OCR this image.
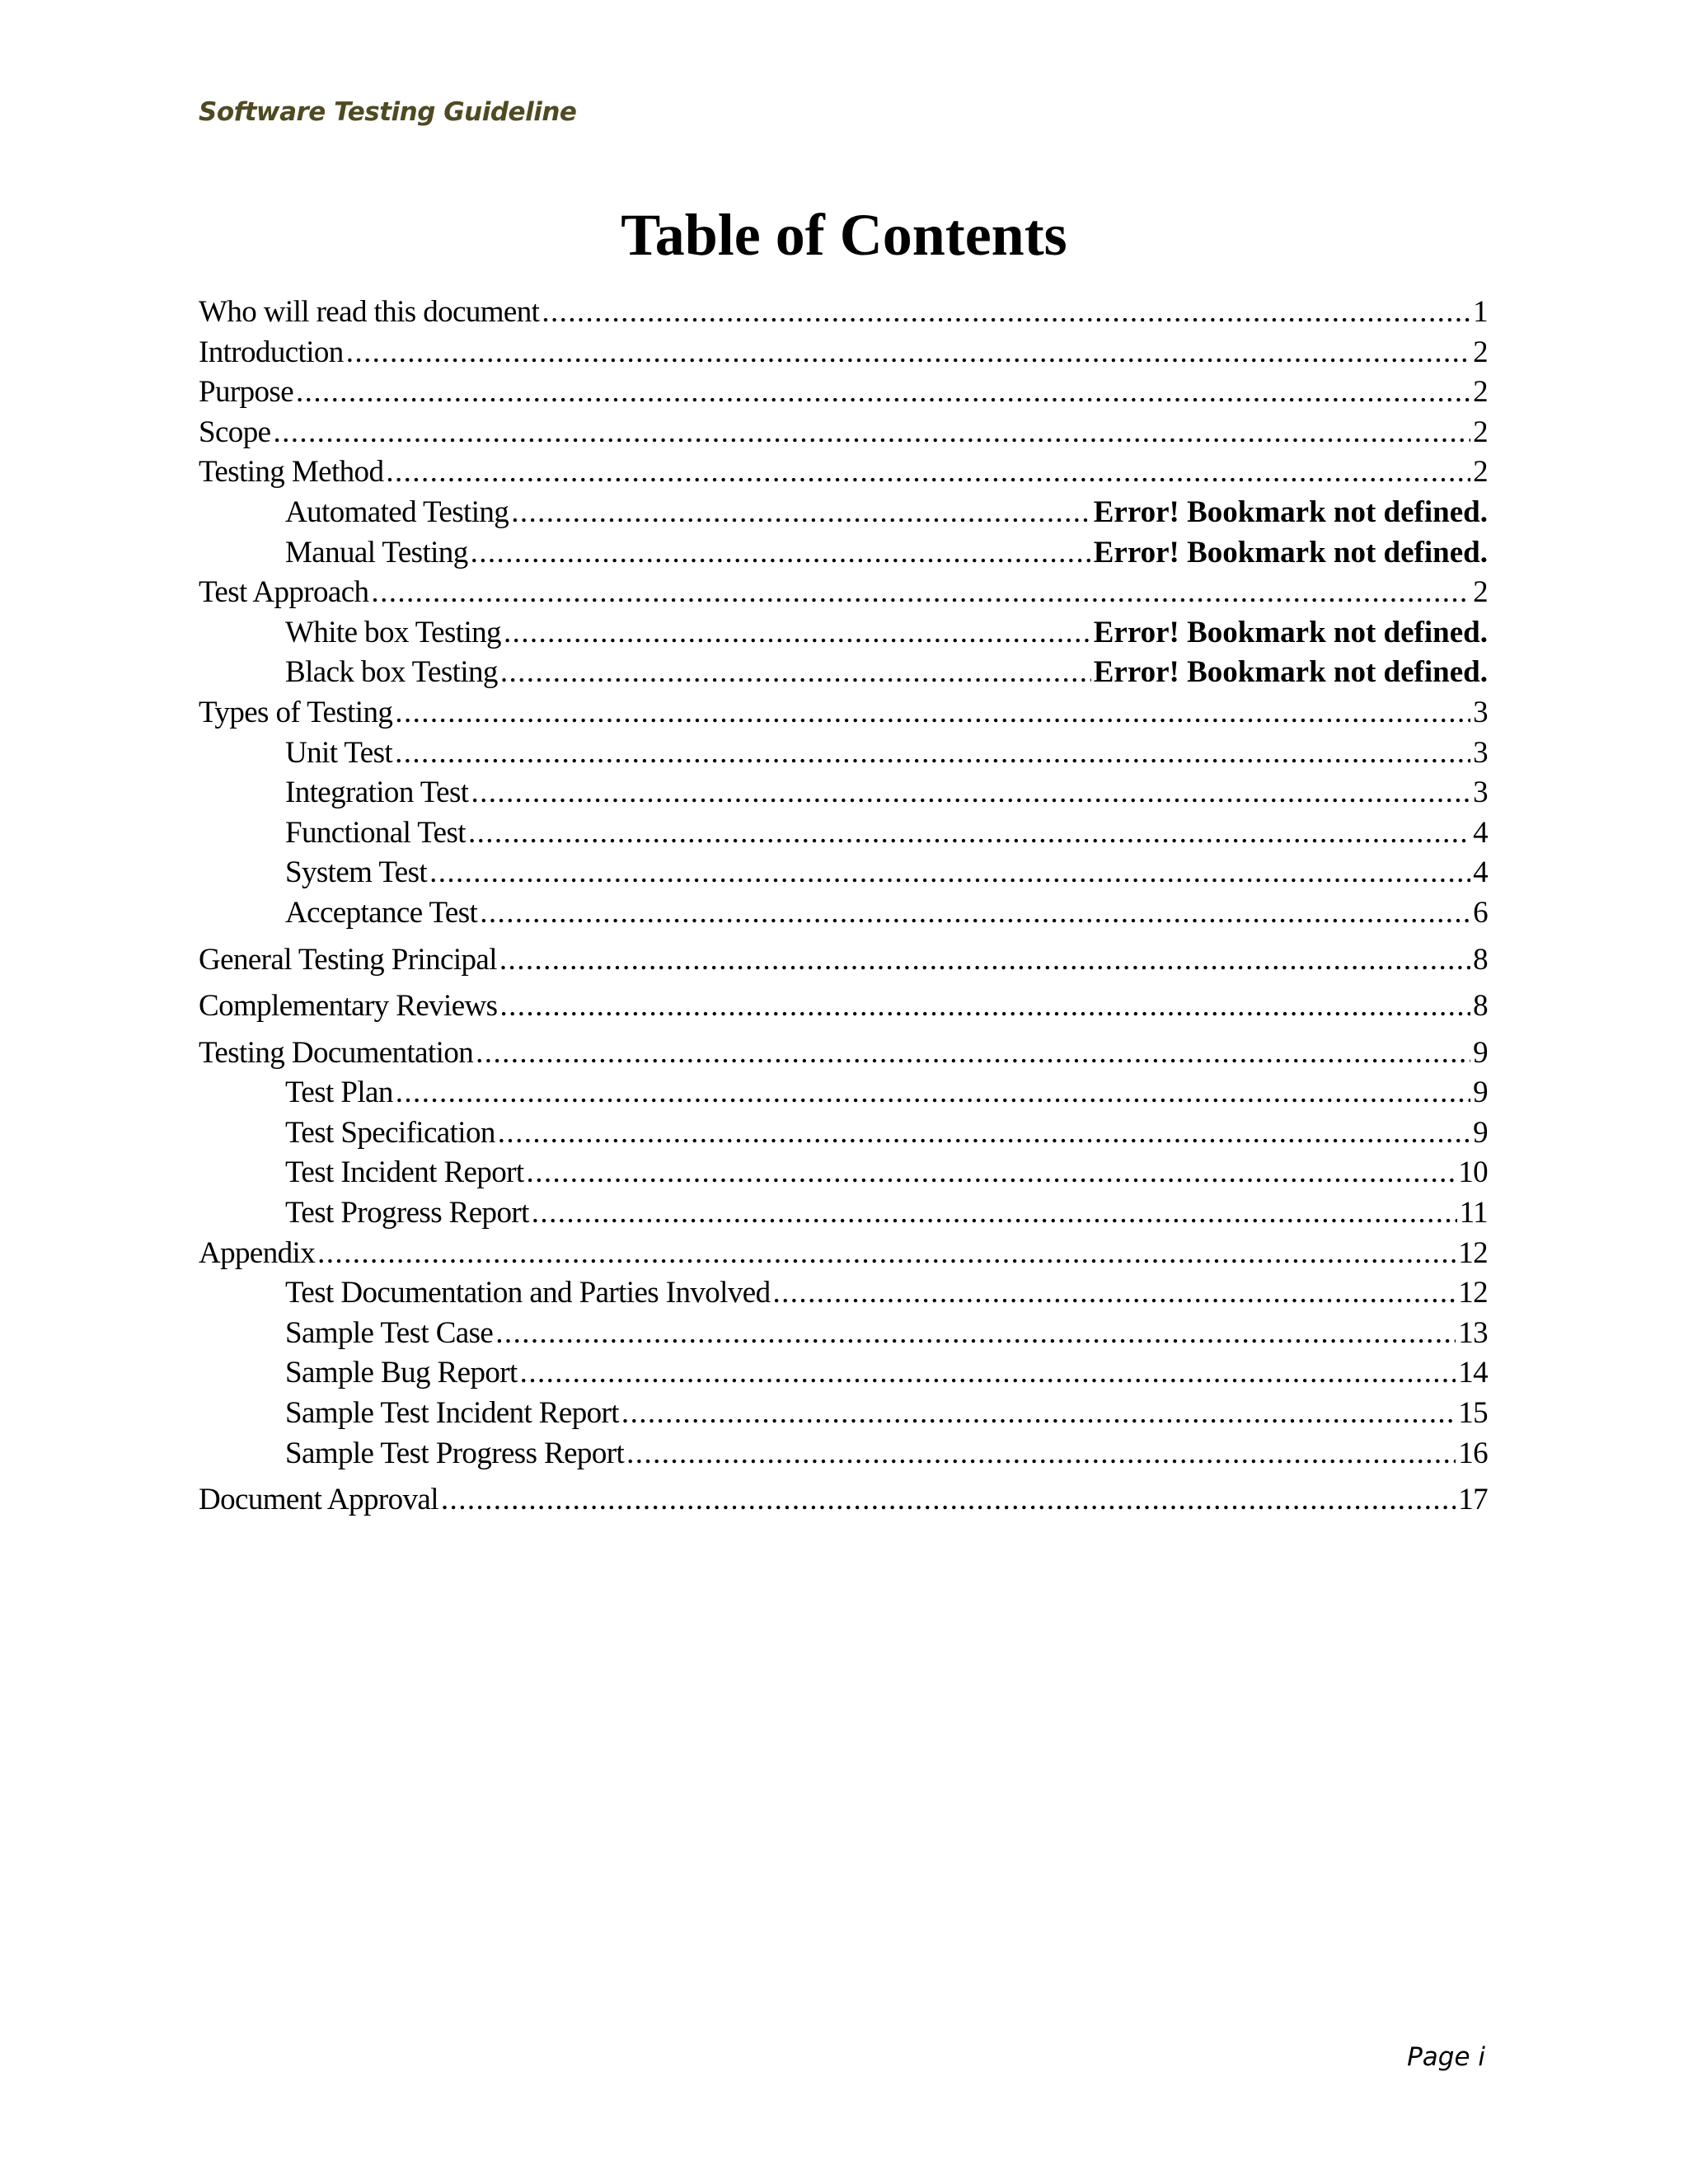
Software Testing Guideline
Table of Contents
Who will read this document .....	1
Introduction .....	2
Purpose .....	2
Scope .....	2
Testing Method .....	2
Automated Testing .....	Error! Bookmark not defined.
Manual Testing .....	Error! Bookmark not defined.
Test Approach .....	2
White box Testing .....	Error! Bookmark not defined.
Black box Testing .....	Error! Bookmark not defined.
Types of Testing .....	3
Unit Test .....	3
Integration Test .....	3
Functional Test .....	4
System Test .....	4
Acceptance Test .....	6
General Testing Principal .....	8
Complementary Reviews .....	8
Testing Documentation .....	9
Test Plan .....	9
Test Specification .....	9
Test Incident Report .....	10
Test Progress Report .....	11
Appendix .....	12
Test Documentation and Parties Involved .....	12
Sample Test Case .....	13
Sample Bug Report .....	14
Sample Test Incident Report .....	15
Sample Test Progress Report .....	16
Document Approval .....	17
Page i
